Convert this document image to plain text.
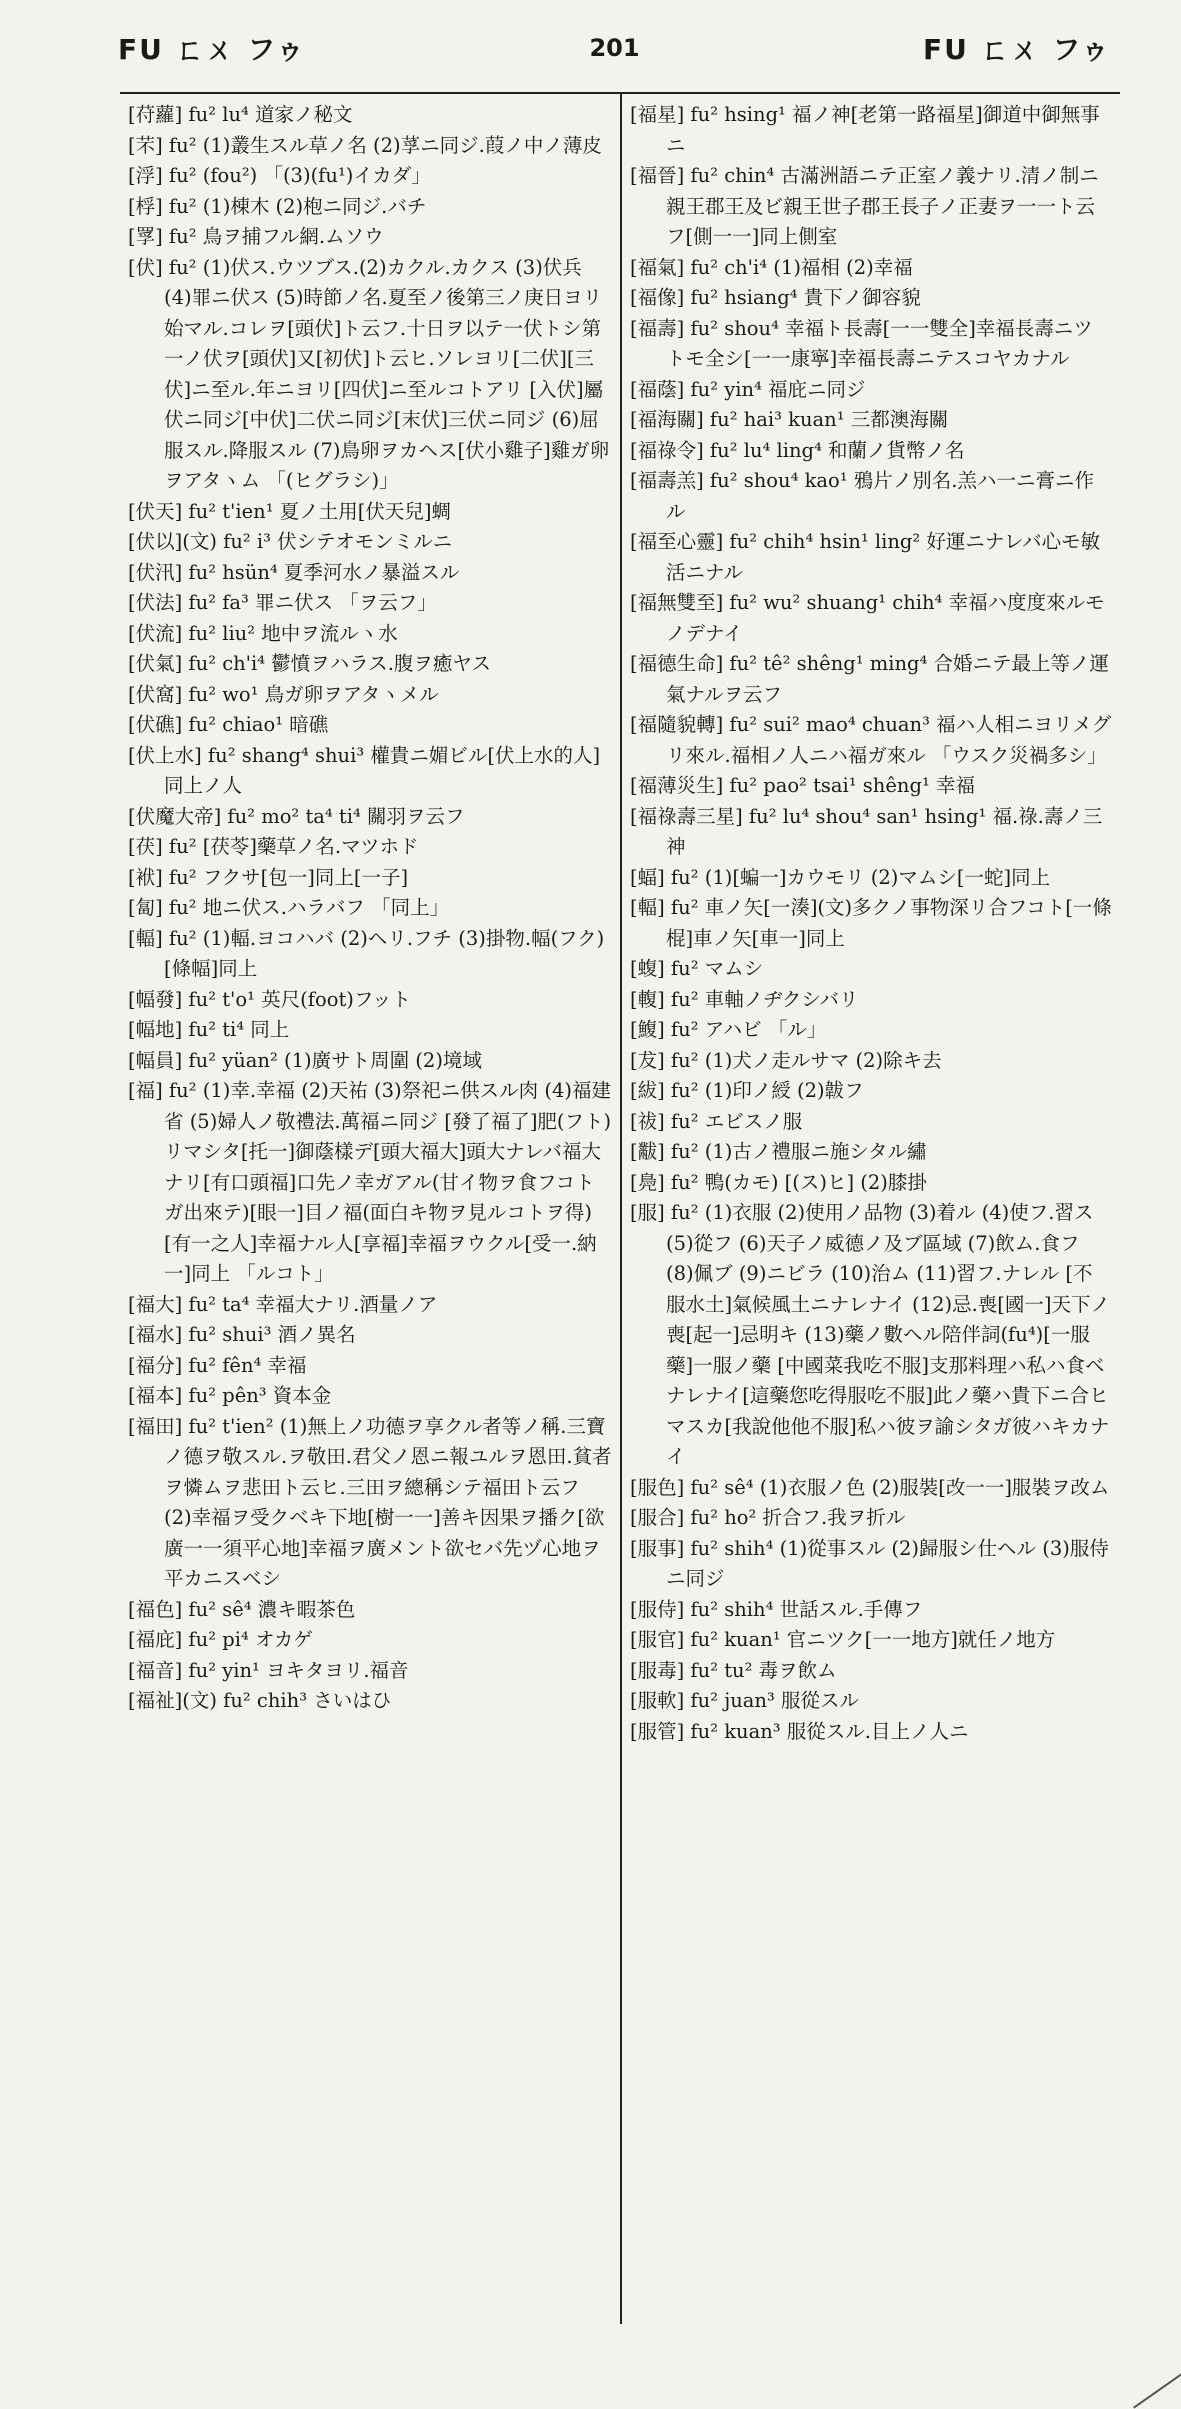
FU ㄈㄨ フゥ	201	FU ㄈㄨ フゥ

[苻蘿] fu² lu⁴ 道家ノ秘文

[芣] fu² (1)叢生スル草ノ名 (2)莩ニ同ジ.葭ノ中ノ薄皮

[浮] fu² (fou²) 「(3)(fu¹)イカダ」

[桴] fu² (1)棟木 (2)枹ニ同ジ.バチ

[罦] fu² 鳥ヲ捕フル網.ムソウ

[伏] fu² (1)伏ス.ウツブス.(2)カクル.カクス (3)伏兵 (4)罪ニ伏ス (5)時節ノ名.夏至ノ後第三ノ庚日ヨリ始マル.コレヲ[頭伏]ト云フ.十日ヲ以テ一伏トシ第一ノ伏ヲ[頭伏]又[初伏]ト云ヒ.ソレヨリ[二伏][三伏]ニ至ル.年ニヨリ[四伏]ニ至ルコトアリ [入伏]屬伏ニ同ジ[中伏]二伏ニ同ジ[末伏]三伏ニ同ジ (6)屈服スル.降服スル (7)鳥卵ヲカヘス[伏小雞子]雞ガ卵ヲアタヽム 「(ヒグラシ)」

[伏天] fu² t'ien¹ 夏ノ土用[伏天兒]蜩

[伏以](文) fu² i³ 伏シテオモンミルニ

[伏汛] fu² hsün⁴ 夏季河水ノ暴溢スル

[伏法] fu² fa³ 罪ニ伏ス 「ヲ云フ」

[伏流] fu² liu² 地中ヲ流ルヽ水

[伏氣] fu² ch'i⁴ 鬱憤ヲハラス.腹ヲ癒ヤス

[伏窩] fu² wo¹ 鳥ガ卵ヲアタヽメル

[伏礁] fu² chiao¹ 暗礁

[伏上水] fu² shang⁴ shui³ 權貴ニ媚ビル[伏上水的人]同上ノ人

[伏魔大帝] fu² mo² ta⁴ ti⁴ 關羽ヲ云フ

[茯] fu² [茯苓]藥草ノ名.マツホド

[袱] fu² フクサ[包一]同上[一子]

[匐] fu² 地ニ伏ス.ハラバフ 「同上」

[輻] fu² (1)輻.ヨコハバ (2)ヘリ.フチ (3)掛物.幅(フク)[條幅]同上

[幅發] fu² t'o¹ 英尺(foot)フット

[幅地] fu² ti⁴ 同上

[幅員] fu² yüan² (1)廣サト周圍 (2)境域

[福] fu² (1)幸.幸福 (2)天祐 (3)祭祀ニ供スル肉 (4)福建省 (5)婦人ノ敬禮法.萬福ニ同ジ [發了福了]肥(フト)リマシタ[托一]御蔭樣デ[頭大福大]頭大ナレバ福大ナリ[有口頭福]口先ノ幸ガアル(甘イ物ヲ食フコトガ出來テ)[眼一]目ノ福(面白キ物ヲ見ルコトヲ得)[有一之人]幸福ナル人[享福]幸福ヲウクル[受一.納一]同上 「ルコト」

[福大] fu² ta⁴ 幸福大ナリ.酒量ノア

[福水] fu² shui³ 酒ノ異名

[福分] fu² fên⁴ 幸福

[福本] fu² pên³ 資本金

[福田] fu² t'ien² (1)無上ノ功德ヲ享クル者等ノ稱.三寶ノ德ヲ敬スル.ヲ敬田.君父ノ恩ニ報ユルヲ恩田.貧者ヲ憐ムヲ悲田ト云ヒ.三田ヲ總稱シテ福田ト云フ (2)幸福ヲ受クベキ下地[樹一一]善キ因果ヲ播ク[欲廣一一須平心地]幸福ヲ廣メント欲セバ先ヅ心地ヲ平カニスベシ

[福色] fu² sê⁴ 濃キ暇茶色

[福庇] fu² pi⁴ オカゲ

[福音] fu² yin¹ ヨキタヨリ.福音

[福祉](文) fu² chih³ さいはひ

[福星] fu² hsing¹ 福ノ神[老第一路福星]御道中御無事ニ

[福晉] fu² chin⁴ 古滿洲語ニテ正室ノ義ナリ.清ノ制ニ親王郡王及ビ親王世子郡王長子ノ正妻ヲ一一ト云フ[側一一]同上側室

[福氣] fu² ch'i⁴ (1)福相 (2)幸福

[福像] fu² hsiang⁴ 貴下ノ御容貌

[福壽] fu² shou⁴ 幸福ト長壽[一一雙全]幸福長壽ニツトモ全シ[一一康寧]幸福長壽ニテスコヤカナル

[福蔭] fu² yin⁴ 福庇ニ同ジ

[福海關] fu² hai³ kuan¹ 三都澳海關

[福祿令] fu² lu⁴ ling⁴ 和蘭ノ貨幣ノ名

[福壽羔] fu² shou⁴ kao¹ 鴉片ノ別名.羔ハ一ニ膏ニ作ル

[福至心靈] fu² chih⁴ hsin¹ ling² 好運ニナレバ心モ敏活ニナル

[福無雙至] fu² wu² shuang¹ chih⁴ 幸福ハ度度來ルモノデナイ

[福德生命] fu² tê² shêng¹ ming⁴ 合婚ニテ最上等ノ運氣ナルヲ云フ

[福隨貌轉] fu² sui² mao⁴ chuan³ 福ハ人相ニヨリメグリ來ル.福相ノ人ニハ福ガ來ル 「ウスク災禍多シ」

[福薄災生] fu² pao² tsai¹ shêng¹ 幸福

[福祿壽三星] fu² lu⁴ shou⁴ san¹ hsing¹ 福.祿.壽ノ三神

[蝠] fu² (1)[蝙一]カウモリ (2)マムシ[一蛇]同上

[輻] fu² 車ノ矢[一湊](文)多クノ事物深リ合フコト[一條棍]車ノ矢[車一]同上

[蝮] fu² マムシ

[輹] fu² 車軸ノヂクシバリ

[鰒] fu² アハビ 「ル」

[犮] fu² (1)犬ノ走ルサマ (2)除キ去

[紱] fu² (1)印ノ綬 (2)韍フ

[祓] fu² エビスノ服

[黻] fu² (1)古ノ禮服ニ施シタル繡

[鳧] fu² 鴨(カモ) [(ス)ヒ] (2)膝掛

[服] fu² (1)衣服 (2)使用ノ品物 (3)着ル (4)使フ.習ス (5)從フ (6)天子ノ威德ノ及ブ區域 (7)飲ム.食フ (8)佩ブ (9)ニビラ (10)治ム (11)習フ.ナレル [不服水土]氣候風土ニナレナイ (12)忌.喪[國一]天下ノ喪[起一]忌明キ (13)藥ノ數ヘル陪伴詞(fu⁴)[一服藥]一服ノ藥 [中國菜我吃不服]支那料理ハ私ハ食ベナレナイ[這藥您吃得服吃不服]此ノ藥ハ貴下ニ合ヒマスカ[我說他他不服]私ハ彼ヲ諭シタガ彼ハキカナイ

[服色] fu² sê⁴ (1)衣服ノ色 (2)服裝[改一一]服裝ヲ改ム

[服合] fu² ho² 折合フ.我ヲ折ル

[服事] fu² shih⁴ (1)從事スル (2)歸服シ仕ヘル (3)服侍ニ同ジ

[服侍] fu² shih⁴ 世話スル.手傳フ

[服官] fu² kuan¹ 官ニツク[一一地方]就任ノ地方

[服毒] fu² tu² 毒ヲ飲ム

[服軟] fu² juan³ 服從スル

[服管] fu² kuan³ 服從スル.目上ノ人ニ
